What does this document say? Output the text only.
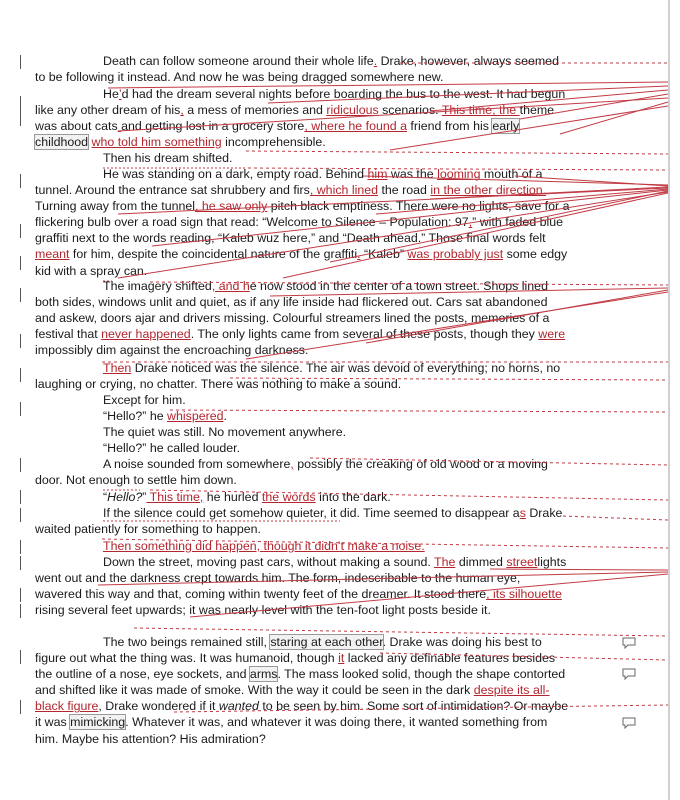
Death can follow someone around their whole life. Drake, however, always seemed to be following it instead. And now he was being dragged somewhere new.

He’d had the dream several nights before boarding the bus to the west. It had begun like any other dream of his, a mess of memories and ridiculous scenarios. This time, the theme was about cats and getting lost in a grocery store, where he found a friend from his early childhood who told him something incomprehensible.

Then his dream shifted.

He was standing on a dark, empty road. Behind him was the looming mouth of a tunnel. Around the entrance sat shrubbery and firs, which lined the road in the other direction. Turning away from the tunnel, he saw only pitch black emptiness. There were no lights, save for a flickering bulb over a road sign that read: “Welcome to Silence – Population: 97,” with faded blue graffiti next to the words reading, “Kaleb wuz here,” and “Death ahead.” Those final words felt meant for him, despite the coincidental nature of the graffiti. “Kaleb” was probably just some edgy kid with a spray can.

The imagery shifted, and he now stood in the center of a town street. Shops lined both sides, windows unlit and quiet, as if any life inside had flickered out. Cars sat abandoned and askew, doors ajar and drivers missing. Colourful streamers lined the posts, memories of a festival that never happened. The only lights came from several of these posts, though they were impossibly dim against the encroaching darkness.

Then Drake noticed was the silence. The air was devoid of everything; no horns, no laughing or crying, no chatter. There was nothing to make a sound.

Except for him.

“Hello?” he whispered.

The quiet was still. No movement anywhere.

“Hello?” he called louder.

A noise sounded from somewhere, possibly the creaking of old wood or a moving door. Not enough to settle him down.

“Hello?” This time, he hurled the words into the dark.

If the silence could get somehow quieter, it did. Time seemed to disappear as Drake waited patiently for something to happen.

Then something did happen, though it didn’t make a noise.

Down the street, moving past cars, without making a sound. The dimmed streetlights went out and the darkness crept towards him. The form, indescribable to the human eye, wavered this way and that, coming within twenty feet of the dreamer. It stood there, its silhouette rising several feet upwards; it was nearly level with the ten-foot light posts beside it.

The two beings remained still, staring at each other. Drake was doing his best to figure out what the thing was. It was humanoid, though it lacked any definable features besides the outline of a nose, eye sockets, and arms. The mass looked solid, though the shape contorted and shifted like it was made of smoke. With the way it could be seen in the dark despite its all-black figure, Drake wondered if it wanted to be seen by him. Some sort of intimidation? Or maybe it was mimicking. Whatever it was, and whatever it was doing there, it wanted something from him. Maybe his attention? His admiration?
